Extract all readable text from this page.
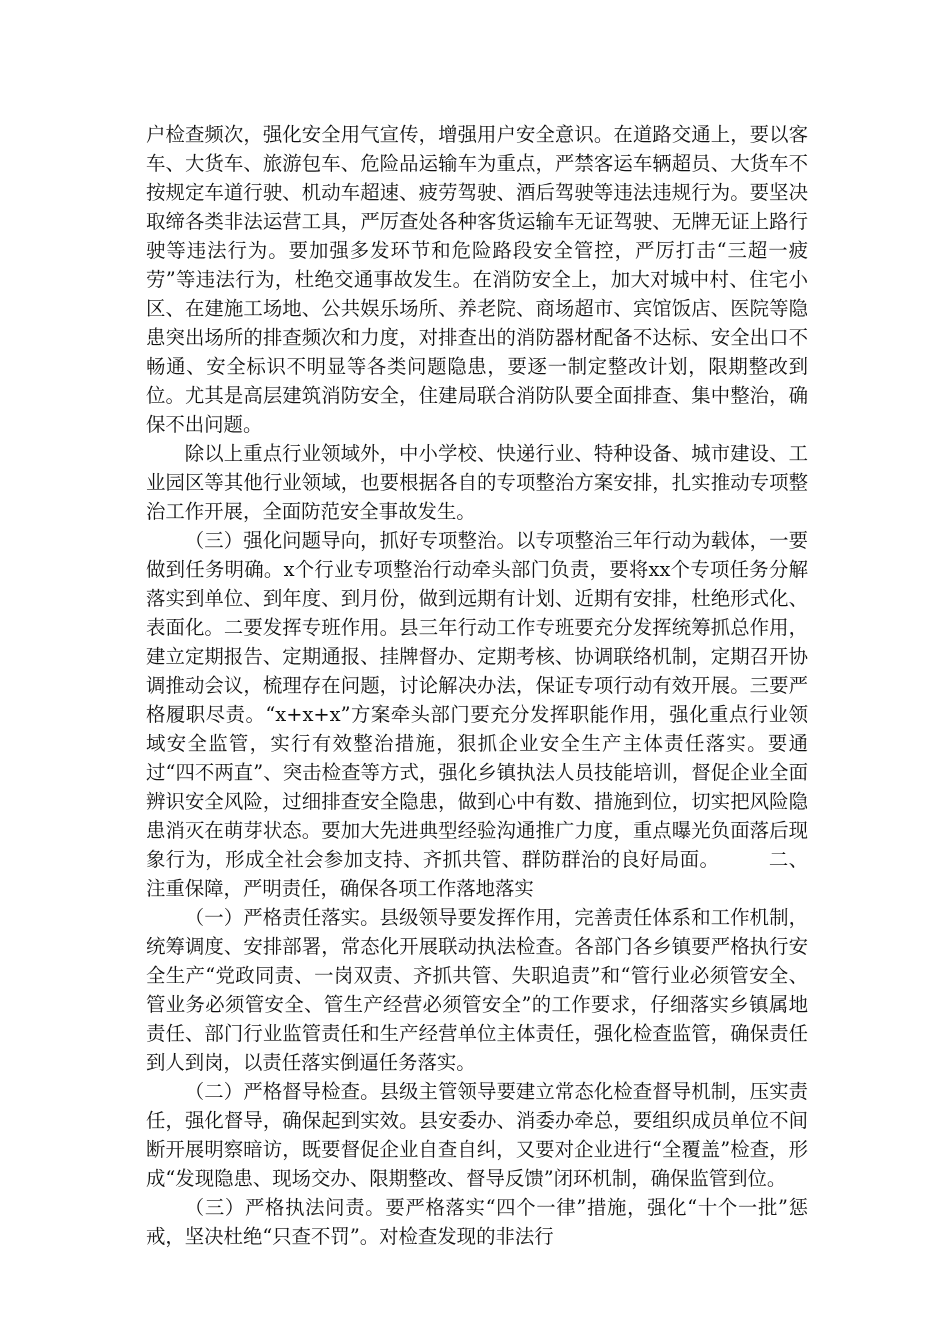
户检查频次，强化安全用气宣传，增强用户安全意识。在道路交通上，要以客车、大货车、旅游包车、危险品运输车为重点，严禁客运车辆超员、大货车不按规定车道行驶、机动车超速、疲劳驾驶、酒后驾驶等违法违规行为。要坚决取缔各类非法运营工具，严厉查处各种客货运输车无证驾驶、无牌无证上路行驶等违法行为。要加强多发环节和危险路段安全管控，严厉打击“三超一疲劳”等违法行为，杜绝交通事故发生。在消防安全上，加大对城中村、住宅小区、在建施工场地、公共娱乐场所、养老院、商场超市、宾馆饭店、医院等隐患突出场所的排查频次和力度，对排查出的消防器材配备不达标、安全出口不畅通、安全标识不明显等各类问题隐患，要逐一制定整改计划，限期整改到位。尤其是高层建筑消防安全，住建局联合消防队要全面排查、集中整治，确保不出问题。

除以上重点行业领域外，中小学校、快递行业、特种设备、城市建设、工业园区等其他行业领域，也要根据各自的专项整治方案安排，扎实推动专项整治工作开展，全面防范安全事故发生。

（三）强化问题导向，抓好专项整治。以专项整治三年行动为载体，一要做到任务明确。x个行业专项整治行动牵头部门负责，要将xx个专项任务分解落实到单位、到年度、到月份，做到远期有计划、近期有安排，杜绝形式化、表面化。二要发挥专班作用。县三年行动工作专班要充分发挥统筹抓总作用，建立定期报告、定期通报、挂牌督办、定期考核、协调联络机制，定期召开协调推动会议，梳理存在问题，讨论解决办法，保证专项行动有效开展。三要严格履职尽责。“x+x+x”方案牵头部门要充分发挥职能作用，强化重点行业领域安全监管，实行有效整治措施，狠抓企业安全生产主体责任落实。要通过“四不两直”、突击检查等方式，强化乡镇执法人员技能培训，督促企业全面辨识安全风险，过细排查安全隐患，做到心中有数、措施到位，切实把风险隐患消灭在萌芽状态。要加大先进典型经验沟通推广力度，重点曝光负面落后现象行为，形成全社会参加支持、齐抓共管、群防群治的良好局面。　　　二、注重保障，严明责任，确保各项工作落地落实

（一）严格责任落实。县级领导要发挥作用，完善责任体系和工作机制，统筹调度、安排部署，常态化开展联动执法检查。各部门各乡镇要严格执行安全生产“党政同责、一岗双责、齐抓共管、失职追责”和“管行业必须管安全、管业务必须管安全、管生产经营必须管安全”的工作要求，仔细落实乡镇属地责任、部门行业监管责任和生产经营单位主体责任，强化检查监管，确保责任到人到岗，以责任落实倒逼任务落实。

（二）严格督导检查。县级主管领导要建立常态化检查督导机制，压实责任，强化督导，确保起到实效。县安委办、消委办牵总，要组织成员单位不间断开展明察暗访，既要督促企业自查自纠，又要对企业进行“全覆盖”检查，形成“发现隐患、现场交办、限期整改、督导反馈”闭环机制，确保监管到位。

（三）严格执法问责。要严格落实“四个一律”措施，强化“十个一批”惩戒，坚决杜绝“只查不罚”。对检查发现的非法行
